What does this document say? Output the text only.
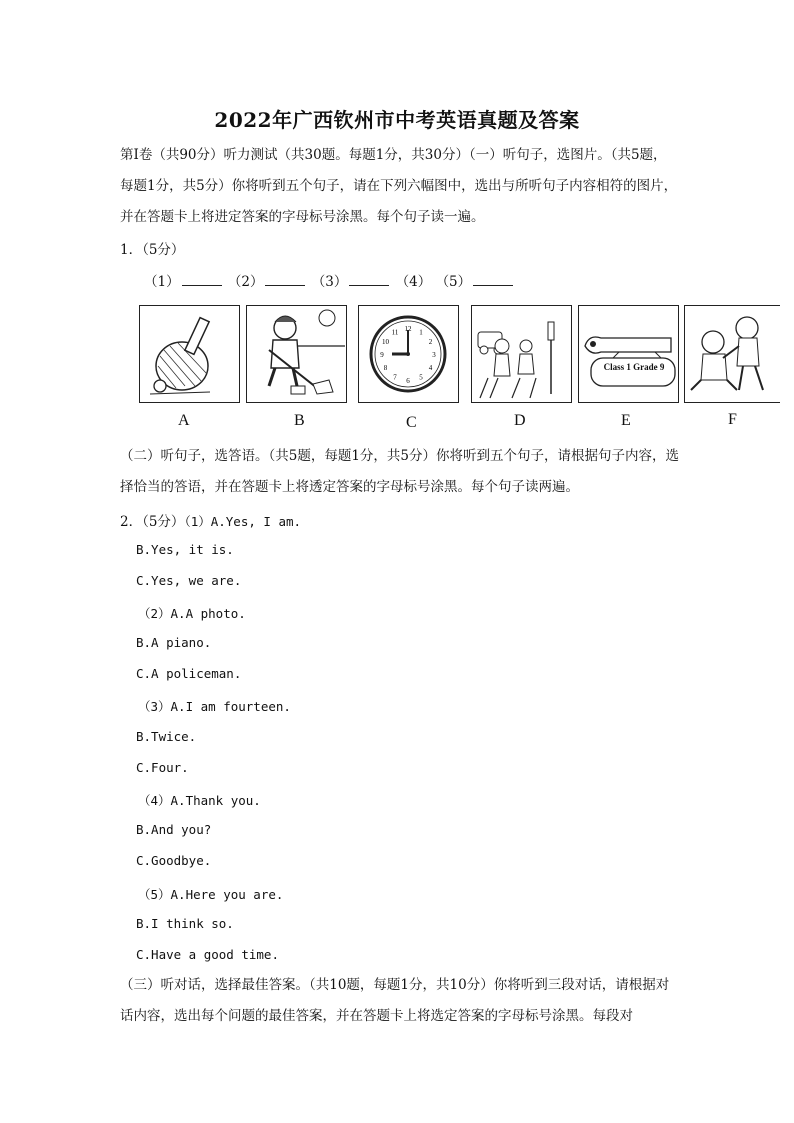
2022年广西钦州市中考英语真题及答案
第Ⅰ卷（共90分）听力测试（共30题。每题1分，共30分）（一）听句子，选图片。（共5题，每题1分，共5分）你将听到五个句子，请在下列六幅图中，选出与所听句子内容相符的图片，并在答题卡上将进定答案的字母标号涂黑。每个句子读一遍。
1．（5分）
（1）	（2）	（3）	（4） （5）
12 1
2
3
4
5
6
7
8
9
10
11
Class 1 Grade 9
A	B	C	D	E	F
（二）听句子，选答语。（共5题，每题1分，共5分）你将听到五个句子，请根据句子内容，选择恰当的答语，并在答题卡上将透定答案的字母标号涂黑。每个句子读两遍。
2．（5分）（1）A.Yes, I am.
B.Yes, it is.
C.Yes, we are.
（2）A.A photo.
B.A piano.
C.A policeman.
（3）A.I am fourteen.
B.Twice.
C.Four.
（4）A.Thank you.
B.And you?
C.Goodbye.
（5）A.Here you are.
B.I think so.
C.Have a good time.
（三）听对话，选择最佳答案。（共10题，每题1分，共10分）你将听到三段对话，请根据对话内容，选出每个问题的最佳答案，并在答题卡上将选定答案的字母标号涂黑。每段对
